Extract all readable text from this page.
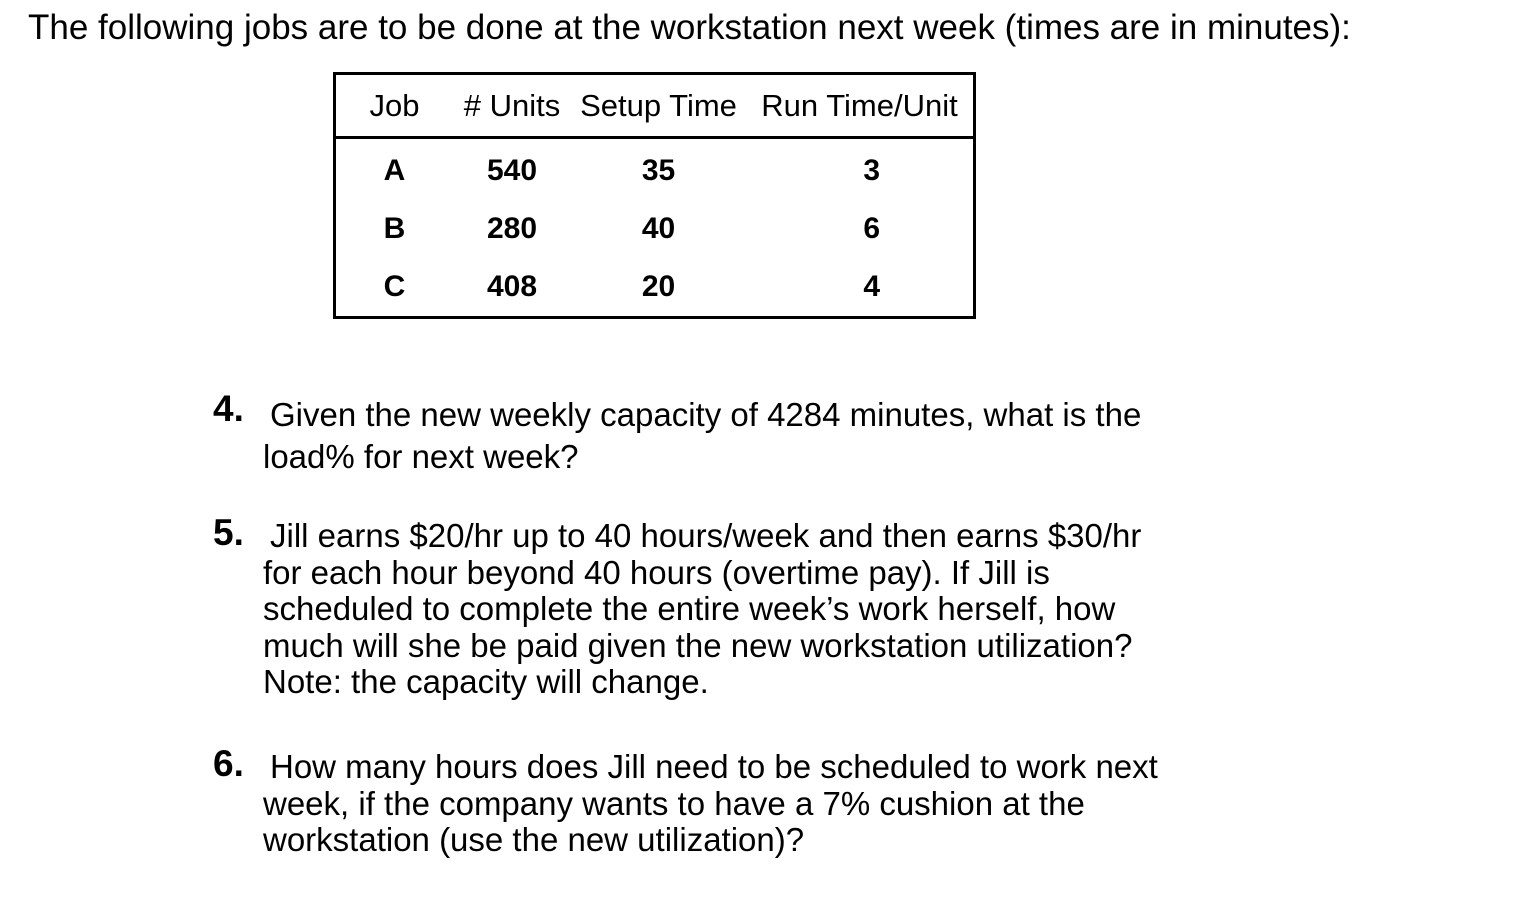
The following jobs are to be done at the workstation next week (times are in minutes):
Job	# Units	Setup Time	Run Time/Unit
A	540	35	3
B	280	40	6
C	408	20	4
4. Given the new weekly capacity of 4284 minutes, what is the
load% for next week?
5. Jill earns $20/hr up to 40 hours/week and then earns $30/hr
for each hour beyond 40 hours (overtime pay). If Jill is
scheduled to complete the entire week’s work herself, how
much will she be paid given the new workstation utilization?
Note: the capacity will change.
6. How many hours does Jill need to be scheduled to work next
week, if the company wants to have a 7% cushion at the
workstation (use the new utilization)?
